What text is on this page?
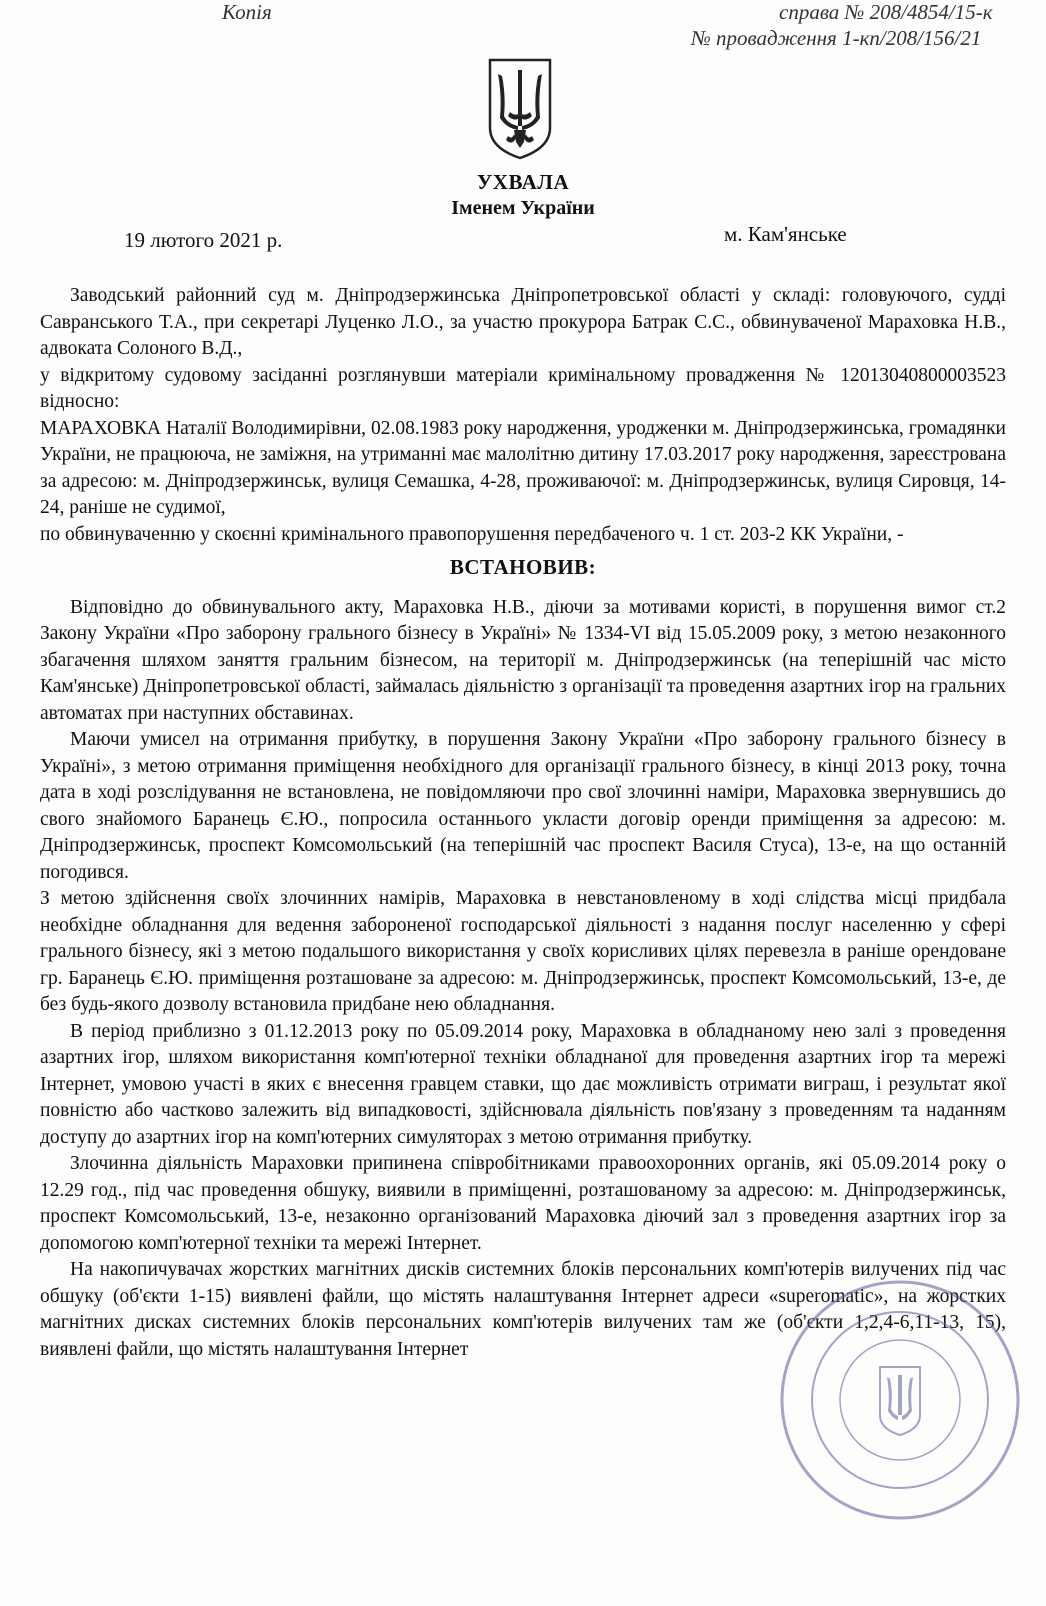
Копія	справа № 208/4854/15-к
№ провадження 1-кп/208/156/21
УХВАЛА
Іменем України
19 лютого 2021 р.	м. Кам'янське

Заводський районний суд м. Дніпродзержинська Дніпропетровської області у складі: головуючого, судді Савранського Т.А., при секретарі Луценко Л.О., за участю прокурора Батрак С.С., обвинуваченої Мараховка Н.В., адвоката Солоного В.Д.,

у відкритому судовому засіданні розглянувши матеріали кримінальному провадження № 12013040800003523 відносно:

МАРАХОВКА Наталії Володимирівни, 02.08.1983 року народження, уродженки м. Дніпродзержинська, громадянки України, не працююча, не заміжня, на утриманні має малолітню дитину 17.03.2017 року народження, зареєстрована за адресою: м. Дніпродзержинськ, вулиця Семашка, 4-28, проживаючої: м. Дніпродзержинськ, вулиця Сировця, 14-24, раніше не судимої,

по обвинуваченню у скоєнні кримінального правопорушення передбаченого ч. 1 ст. 203-2 КК України, -

ВСТАНОВИВ:

Відповідно до обвинувального акту, Мараховка Н.В., діючи за мотивами користі, в порушення вимог ст.2 Закону України «Про заборону грального бізнесу в Україні» № 1334-VI від 15.05.2009 року, з метою незаконного збагачення шляхом заняття гральним бізнесом, на території м. Дніпродзержинськ (на теперішній час місто Кам'янське) Дніпропетровської області, займалась діяльністю з організації та проведення азартних ігор на гральних автоматах при наступних обставинах.

Маючи умисел на отримання прибутку, в порушення Закону України «Про заборону грального бізнесу в Україні», з метою отримання приміщення необхідного для організації грального бізнесу, в кінці 2013 року, точна дата в ході розслідування не встановлена, не повідомляючи про свої злочинні наміри, Мараховка звернувшись до свого знайомого Баранець Є.Ю., попросила останнього укласти договір оренди приміщення за адресою: м. Дніпродзержинськ, проспект Комсомольський (на теперішній час проспект Василя Стуса), 13-е, на що останній погодився.

З метою здійснення своїх злочинних намірів, Мараховка в невстановленому в ході слідства місці придбала необхідне обладнання для ведення забороненої господарської діяльності з надання послуг населенню у сфері грального бізнесу, які з метою подальшого використання у своїх корисливих цілях перевезла в раніше орендоване гр. Баранець Є.Ю. приміщення розташоване за адресою: м. Дніпродзержинськ, проспект Комсомольський, 13-е, де без будь-якого дозволу встановила придбане нею обладнання.

В період приблизно з 01.12.2013 року по 05.09.2014 року, Мараховка в обладнаному нею залі з проведення азартних ігор, шляхом використання комп'ютерної техніки обладнаної для проведення азартних ігор та мережі Інтернет, умовою участі в яких є внесення гравцем ставки, що дає можливість отримати виграш, і результат якої повністю або частково залежить від випадковості, здійснювала діяльність пов'язану з проведенням та наданням доступу до азартних ігор на комп'ютерних симуляторах з метою отримання прибутку.

Злочинна діяльність Мараховки припинена співробітниками правоохоронних органів, які 05.09.2014 року о 12.29 год., під час проведення обшуку, виявили в приміщенні, розташованому за адресою: м. Дніпродзержинськ, проспект Комсомольський, 13-е, незаконно організований Мараховка діючий зал з проведення азартних ігор за допомогою комп'ютерної техніки та мережі Інтернет.

На накопичувачах жорстких магнітних дисків системних блоків персональних комп'ютерів вилучених під час обшуку (об'єкти 1-15) виявлені файли, що містять налаштування Інтернет адреси «superomatic», на жорстких магнітних дисках системних блоків персональних комп'ютерів вилучених там же (об'єкти 1,2,4-6,11-13, 15), виявлені файли, що містять налаштування Інтернет
